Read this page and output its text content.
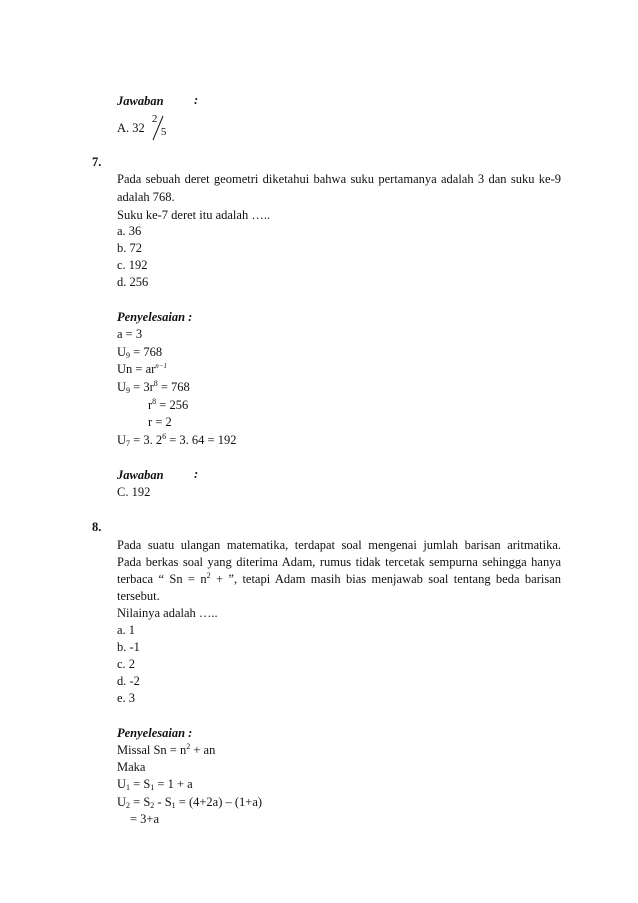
Jawaban :
A. 32
2
5
7.
Pada sebuah deret geometri diketahui bahwa suku pertamanya adalah 3 dan suku ke-9
adalah 768.
Suku ke-7 deret itu adalah …..
a. 36
b. 72
c. 192
d. 256
Penyelesaian :
a = 3
$U_9 = 768$
$Un = ar^{n-1}$
$U_9 = 3r^8 = 768$
$r^8 = 256$
r = 2
$U_7 = 3$. $2^6 = 3$. 64 = 192
Jawaban :
C. 192
8.
Pada suatu ulangan matematika, terdapat soal mengenai jumlah barisan aritmatika.
Pada berkas soal yang diterima Adam, rumus tidak tercetak sempurna sehingga hanya
terbaca “ $Sn = n^2$ + ”, tetapi Adam masih bias menjawab soal tentang beda barisan
tersebut.
Nilainya adalah …..
a. 1
b. -1
c. 2
d. -2
e. 3
Penyelesaian :
Missal $Sn = n^2$ + an
Maka
$U_1 = S_1 = 1 + a$
$U_2 = S_2 - S_1 = (4+2a) - (1+a)$
= 3+a
